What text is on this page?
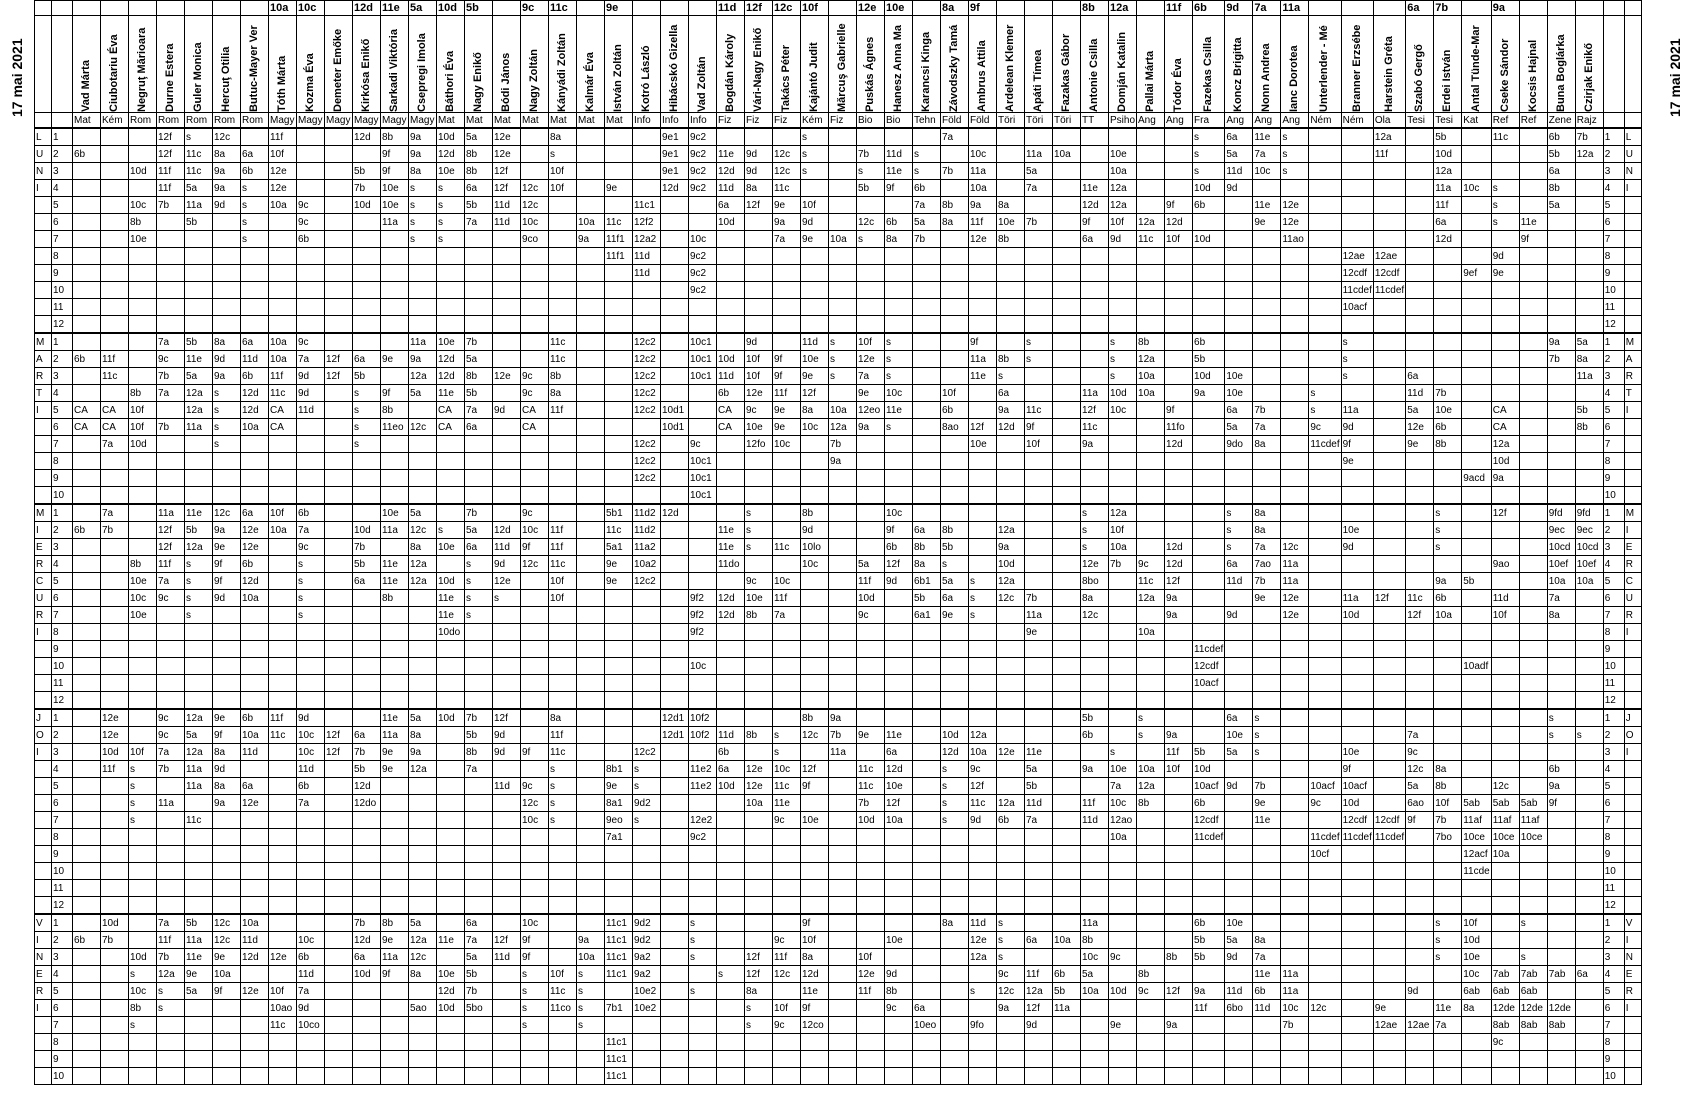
17 mai 2021	17 mai 2021
									10a	10c		12d	11e	5a	10d	5b		9c	11c		9e				11d	12f	12c	10f		12e	10e		8a	9f				8b	12a		11f	6b	9d	7a	11a				6a	7b		9a					

Vad Márta	Ciubotariu Éva	Negruţ Mărioara	Durne Estera	Guler Monica	Hercuţ Otilia	Butuc-Mayer Ver	Tóth Márta	Kozma Éva	Demeter Emőke	Kirkósa Enikő	Sarkadi Viktória	Csepregi Imola	Báthori Éva	Nagy Enikő	Bódi János	Nagy Zoltán	Kányádi Zoltán	Kalmár Éva	István Zoltán	Kotró László	Hibácskó Gizella	Vad Zoltán	Bogdán Károly	Vári-Nagy Enikő	Takács Péter	Kajántó Judit	Mărcuş Gabrielle	Puskás Ágnes	Hanesz Anna Ma	Karancsi Kinga	Závodszky Tamá	Ambrus Attila	Ardelean Klemer	Apáti Tímea	Fazakas Gábor	Antonie Csilla	Domján Katalin	Pallai Márta	Tódor Éva	Fazekas Csilla	Koncz Brigitta	Nonn Andrea	Ianc Dorotea	Unterlender - Mé	Branner Erzsébe	Harstein Gréta	Szabó Gergő	Erdei István	Antal Tünde-Mar	Cseke Sándor	Kocsis Hajnal	Buna Boglárka	Czirjak Enikő		

		Mat	Kém	Rom	Rom	Rom	Rom	Rom	Magy	Magy	Magy	Magy	Magy	Magy	Mat	Mat	Mat	Mat	Mat	Mat	Mat	Info	Info	Info	Fiz	Fiz	Fiz	Kém	Fiz	Bio	Bio	Tehn	Föld	Föld	Töri	Töri	Töri	TT	Psiho	Ang	Ang	Fra	Ang	Ang	Ang	Ném	Ném	Ola	Tesi	Tesi	Kat	Ref	Ref	Zene	Rajz		
L	1				12f	s	12c		11f			12d	8b	9a	10d	5a	12e		8a				9e1	9c2				s					7a									s	6a	11e	s			12a		5b		11c		6b	7b	1	L
U	2	6b			12f	11c	8a	6a	10f				9f	9a	12d	8b	12e		s				9e1	9c2	11e	9d	12c	s		7b	11d	s		10c		11a	10a		10e			s	5a	7a	s			11f		10d				5b	12a	2	U
N	3			10d	11f	11c	9a	6b	12e			5b	9f	8a	10e	8b	12f		10f				9e1	9c2	12d	9d	12c	s		s	11e	s	7b	11a		5a			10a			s	11d	10c	s					12a				6a		3	N
I	4				11f	5a	9a	s	12e			7b	10e	s	s	6a	12f	12c	10f		9e		12d	9c2	11d	8a	11c			5b	9f	6b		10a		7a		11e	12a			10d	9d							11a	10c	s		8b		4	I
	5			10c	7b	11a	9d	s	10a	9c		10d	10e	s	s	5b	11d	12c				11c1			6a	12f	9e	10f				7a	8b	9a	8a			12d	12a		9f	6b		11e	12e					11f		s		5a		5	
	6			8b		5b		s		9c			11a	s	s	7a	11d	10c		10a	11c	12f2			10d		9a	9d		12c	6b	5a	8a	11f	10e	7b		9f	10f	12a	12d			9e	12e					6a		s	11e			6	
	7			10e				s		6b				s	s			9co		9a	11f1	12a2		10c			7a	9e	10a	s	8a	7b		12e	8b			6a	9d	11c	10f	10d			11ao					12d			9f			7	
	8																				11f1	11d		9c2																							12ae	12ae				9d				8	
	9																					11d		9c2																							12cdf	12cdf			9ef	9e				9	
	10																							9c2																							11cdef	11cdef								10	
	11																																														10acf									11	
	12																																																							12	
M	1				7a	5b	8a	6a	10a	9c				11a	10e	7b			11c			12c2		10c1		9d		11d	s	10f	s			9f		s			s	8b		6b					s							9a	5a	1	M
A	2	6b	11f		9c	11e	9d	11d	10a	7a	12f	6a	9e	9a	12d	5a			11c			12c2		10c1	10d	10f	9f	10e	s	12e	s			11a	8b	s			s	12a		5b					s							7b	8a	2	A
R	3		11c		7b	5a	9a	6b	11f	9d	12f	5b		12a	12d	8b	12e	9c	8b			12c2		10c1	11d	10f	9f	9e	s	7a	s			11e	s				s	10a		10d	10e				s		6a						11a	3	R
T	4			8b	7a	12a	s	12d	11c	9d		s	9f	5a	11e	5b		9c	8a			12c2			6b	12e	11f	12f		9e	10c		10f		6a			11a	10d	10a		9a	10e			s			11d	7b						4	T
I	5	CA	CA	10f		12a	s	12d	CA	11d		s	8b		CA	7a	9d	CA	11f			12c2	10d1		CA	9c	9e	8a	10a	12eo	11e		6b		9a	11c		12f	10c		9f		6a	7b		s	11a		5a	10e		CA			5b	5	I
	6	CA	CA	10f	7b	11a	s	10a	CA			s	11eo	12c	CA	6a		CA					10d1		CA	10e	9e	10c	12a	9a	s		8ao	12f	12d	9f		11c			11fo		5a	7a		9c	9d		12e	6b		CA			8b	6	
	7		7a	10d			s					s										12c2		9c		12fo	10c		7b					10e		10f		9a			12d		9do	8a		11cdef	9f		9e	8b		12a				7	
	8																					12c2		10c1					9a																		9e					10d				8	
	9																					12c2		10c1																											9acd	9a				9	
	10																							10c1																																10	
M	1		7a		11a	11e	12c	6a	10f	6b			10e	5a		7b		9c			5b1	11d2	12d			s		8b			10c							s	12a				s	8a						s		12f		9fd	9fd	1	M
I	2	6b	7b		12f	5b	9a	12e	10a	7a		10d	11a	12c	s	5a	12d	10c	11f		11c	11d2			11e	s		9d			9f	6a	8b		12a			s	10f				s	8a			10e			s				9ec	9ec	2	I
E	3				12f	12a	9e	12e		9c		7b		8a	10e	6a	11d	9f	11f		5a1	11a2			11e	s	11c	10lo			6b	8b	5b		9a			s	10a		12d		s	7a	12c		9d			s				10cd	10cd	3	E
R	4			8b	11f	s	9f	6b		s		5b	11e	12a		s	9d	12c	11c		9e	10a2			11do			10c		5a	12f	8a	s		10d			12e	7b	9c	12d		6a	7ao	11a							9ao		10ef	10ef	4	R
C	5			10e	7a	s	9f	12d		s		6a	11e	12a	10d	s	12e		10f		9e	12c2				9c	10c			11f	9d	6b1	5a	s	12a			8bo		11c	12f		11d	7b	11a					9a	5b			10a	10a	5	C
U	6			10c	9c	s	9d	10a		s			8b		11e	s	s		10f					9f2	12d	10e	11f			10d		5b	6a	s	12c	7b		8a		12a	9a			9e	12e		11a	12f	11c	6b		11d		7a		6	U
R	7			10e		s				s					11e	s								9f2	12d	8b	7a			9c		6a1	9e	s		11a		12c			9a		9d		12e		10d		12f	10a		10f		8a		7	R
I	8														10do									9f2												9e				10a																8	I
	9																																									11cdef														9	
	10																							10c																		12cdf									10adf					10	
	11																																									10acf														11	
	12																																																							12	
J	1		12e		9c	12a	9e	6b	11f	9d			11e	5a	10d	7b	12f		8a				12d1	10f2				8b	9a									5b		s			6a	s										s		1	J
O	2		12e		9c	5a	9f	10a	11c	10c	12f	6a	11a	8a		5b	9d		11f				12d1	10f2	11d	8b	s	12c	7b	9e	11e		10d	12a				6b		s	9a		10e	s					7a					s	s	2	O
I	3		10d	10f	7a	12a	8a	11d		10c	12f	7b	9e	9a		8b	9d	9f	11c			12c2			6b		s		11a		6a		12d	10a	12e	11e			s		11f	5b	5a	s			10e		9c							3	I
	4		11f	s	7b	11a	9d			11d		5b	9e	12a		7a			s		8b1	s		11e2	6a	12e	10c	12f		11c	12d		s	9c		5a		9a	10e	10a	10f	10d					9f		12c	8a				6b		4	
	5			s		11a	8a	6a		6b		12d					11d	9c	s		9e	s		11e2	10d	12e	11c	9f		11c	10e		s	12f		5b			7a	12a		10acf	9d	7b		10acf	10acf		5a	8b		12c		9a		5	
	6			s	11a		9a	12e		7a		12do						12c	s		8a1	9d2				10a	11e			7b	12f		s	11c	12a	11d		11f	10c	8b		6b		9e		9c	10d		6ao	10f	5ab	5ab	5ab	9f		6	
	7			s		11c												10c	s		9eo	s		12e2			9c	10e		10d	10a		s	9d	6b	7a		11d	12ao			12cdf		11e			12cdf	12cdf	9f	7b	11af	11af	11af			7	
	8																				7a1			9c2															10a			11cdef				11cdef	11cdef	11cdef		7bo	10ce	10ce	10ce			8	
	9																																													10cf					12acf	10a				9	
	10																																																		11cde					10	
	11																																																							11	
	12																																																							12	
V	1		10d		7a	5b	12c	10a				7b	8b	5a		6a		10c			11c1	9d2		s				9f					8a	11d	s			11a				6b	10e							s	10f		s			1	V
I	2	6b	7b		11f	11a	12c	11d		10c		12d	9e	12a	11e	7a	12f	9f		9a	11c1	9d2		s			9c	10f			10e			12e	s	6a	10a	8b				5b	5a	8a						s	10d					2	I
N	3			10d	7b	11e	9e	12d	12e	6b		6a	11a	12c		5a	11d	9f		10a	11c1	9a2		s		12f	11f	8a		10f				12a	s			10c	9c		8b	5b	9d	7a						s	10e		s			3	N
E	4			s	12a	9e	10a			11d		10d	9f	8a	10e	5b		s	10f	s	11c1	9a2			s	12f	12c	12d		12e	9d				9c	11f	6b	5a		8b				11e	11a						10c	7ab	7ab	7ab	6a	4	E
R	5			10c	s	5a	9f	12e	10f	7a					12d	7b		s	11c	s		10e2		s		8a		11e		11f	8b			s	12c	12a	5b	10a	10d	9c	12f	9a	11d	6b	11a				9d		6ab	6ab	6ab			5	R
I	6			8b	s				10ao	9d				5ao	10d	5bo		s	11co	s	7b1	10e2				s	10f	9f			9c	6a			9a	12f	11a					11f	6bo	11d	10c	12c		9e		11e	8a	12de	12de	12de		6	I
	7			s					11c	10co								s		s						s	9c	12co				10eo		9fo		9d			9e		9a				7b			12ae	12ae	7a		8ab	8ab	8ab		7	
	8																				11c1																															9c				8	
	9																				11c1																																			9	
	10																				11c1																																			10	
